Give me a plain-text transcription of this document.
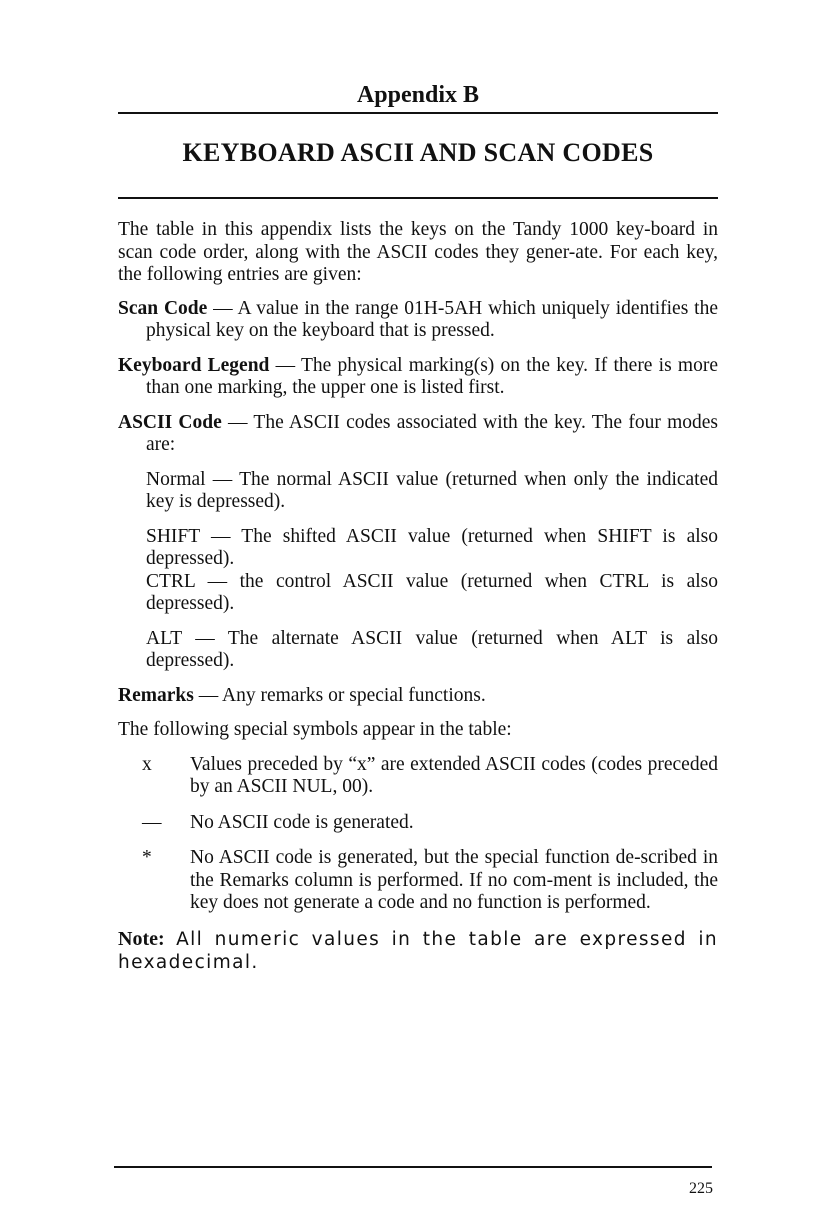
Appendix B
KEYBOARD ASCII AND SCAN CODES

The table in this appendix lists the keys on the Tandy 1000 key-board in scan code order, along with the ASCII codes they gener-ate. For each key, the following entries are given:

Scan Code — A value in the range 01H-5AH which uniquely identifies the physical key on the keyboard that is pressed.

Keyboard Legend — The physical marking(s) on the key. If there is more than one marking, the upper one is listed first.

ASCII Code — The ASCII codes associated with the key. The four modes are:

Normal — The normal ASCII value (returned when only the indicated key is depressed).

SHIFT — The shifted ASCII value (returned when SHIFT is also depressed).

CTRL — the control ASCII value (returned when CTRL is also depressed).

ALT — The alternate ASCII value (returned when ALT is also depressed).

Remarks — Any remarks or special functions.

The following special symbols appear in the table:

x	Values preceded by “x” are extended ASCII codes (codes preceded by an ASCII NUL, 00).

—	No ASCII code is generated.

*	No ASCII code is generated, but the special function de-scribed in the Remarks column is performed. If no com-ment is included, the key does not generate a code and no function is performed.

Note: All numeric values in the table are expressed in hexadecimal.

225
